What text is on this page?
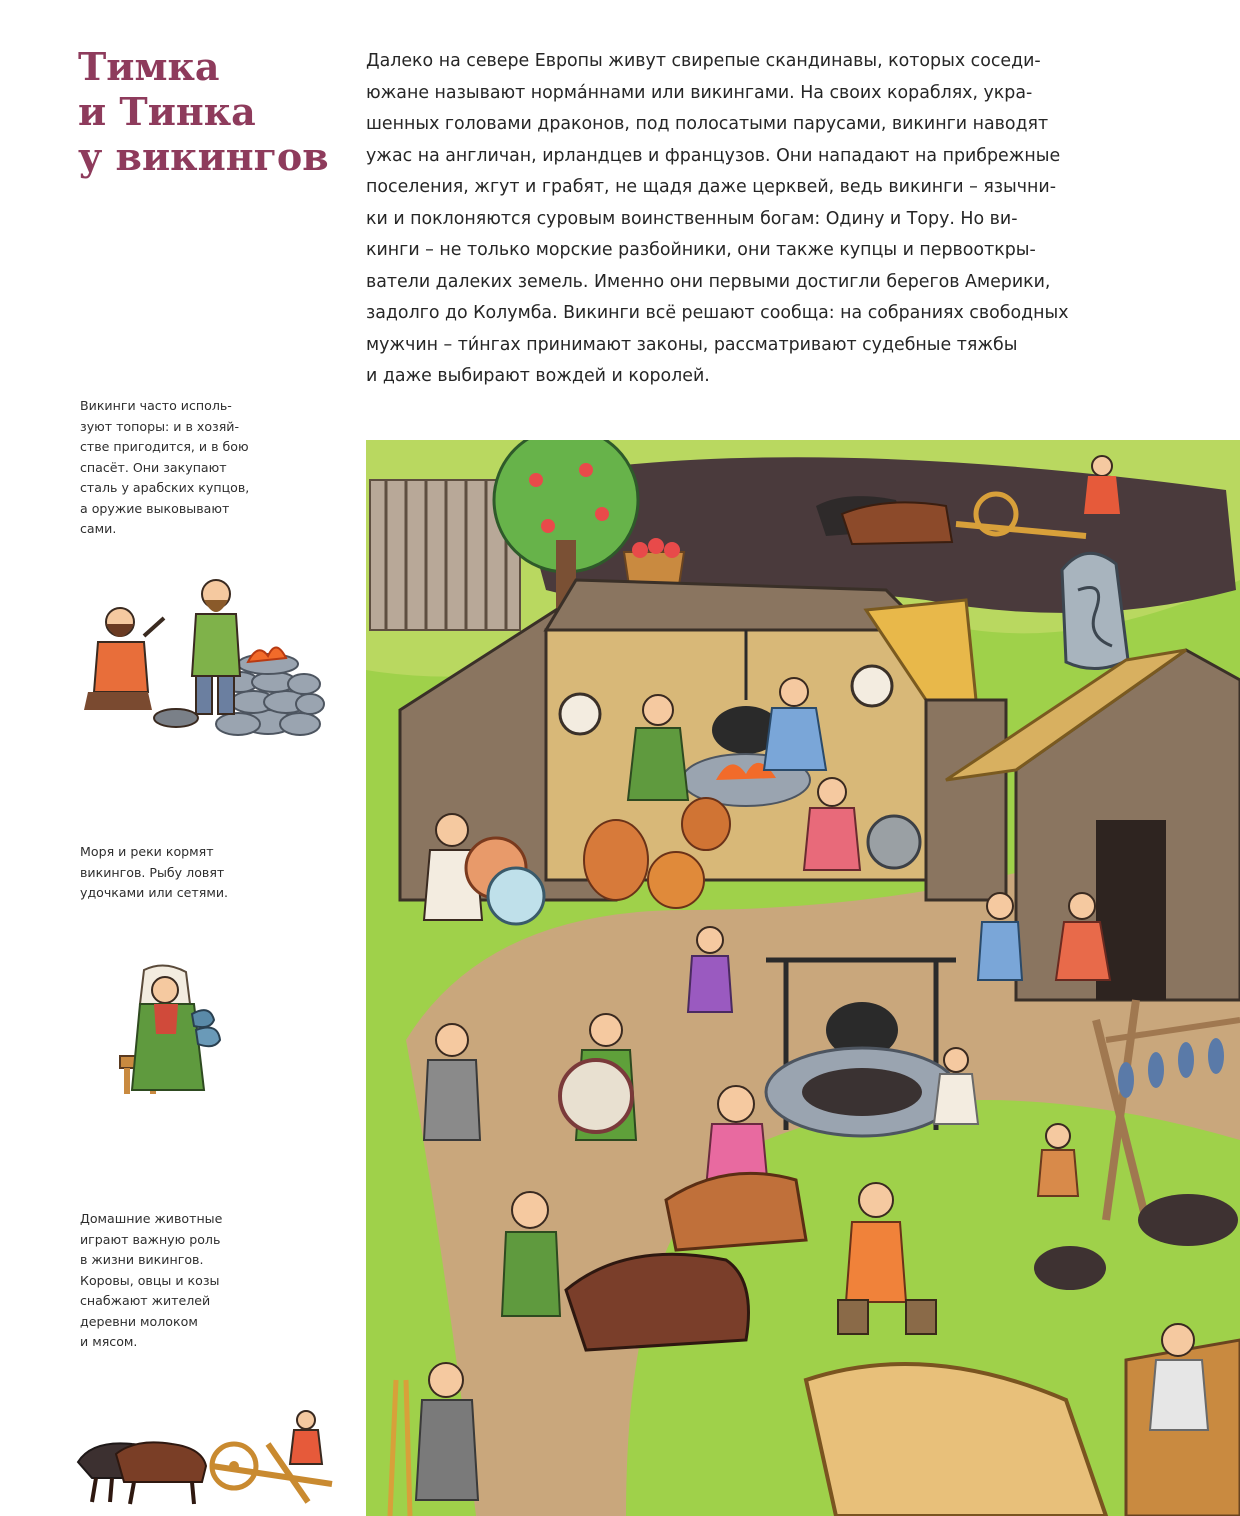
Тимка
и Тинка
у викингов

Далеко на севере Европы живут свирепые скандинавы, которых соседи-
южане называют норма́ннами или викингами. На своих кораблях, укра-
шенных головами драконов, под полосатыми парусами, викинги наводят
ужас на англичан, ирландцев и французов. Они нападают на прибрежные
поселения, жгут и грабят, не щадя даже церквей, ведь викинги – язычни-
ки и поклоняются суровым воинственным богам: Одину и Тору. Но ви-
кинги – не только морские разбойники, они также купцы и первооткры-
ватели далеких земель. Именно они первыми достигли берегов Америки,
задолго до Колумба. Викинги всё решают сообща: на собраниях свободных
мужчин – ти́нгах принимают законы, рассматривают судебные тяжбы
и даже выбирают вождей и королей.

Викинги часто исполь-
зуют топоры: и в хозяй-
стве пригодится, и в бою
спасёт. Они закупают
сталь у арабских купцов,
а оружие выковывают
сами.

Моря и реки кормят
викингов. Рыбу ловят
удочками или сетями.

Домашние животные
играют важную роль
в жизни викингов.
Коровы, овцы и козы
снабжают жителей
деревни молоком
и мясом.
